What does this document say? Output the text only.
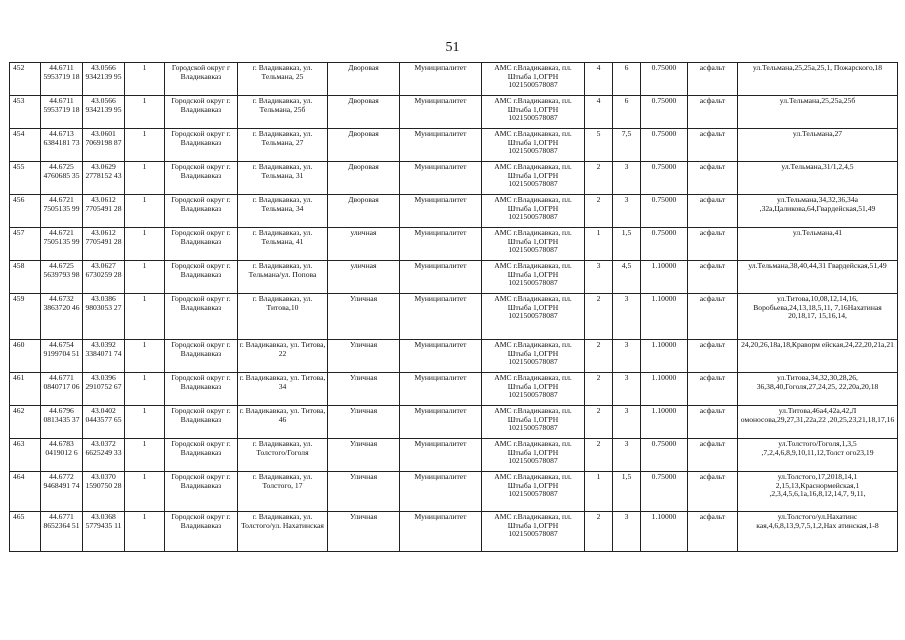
51
452	44.6711 5953719 18	43.0566 9342139 95	1	Городской округ г Владикавказ	г. Владикавказ, ул. Тельмана, 25	Дворовая	Муниципалитет	АМС г.Владикавказ, пл. Штыба 1,ОГРН 1021500578087	4	6	0.75000	асфальт	ул.Тельмана,25,25а,25,1, Пожарского,18
453	44.6711 5953719 18	43.0566 9342139 95	1	Городской округ г. Владикавказ	г. Владикавказ, ул. Тельмана, 25б	Дворовая	Муниципалитет	АМС г.Владикавказ, пл. Штыба 1,ОГРН 1021500578087	4	6	0.75000	асфальт	ул.Тельмана,25,25а,25б
454	44.6713 6384181 73	43.0601 7069198 87	1	Городской округ г. Владикавказ	г. Владикавказ, ул. Тельмана, 27	Дворовая	Муниципалитет	АМС г.Владикавказ, пл. Штыба 1,ОГРН 1021500578087	5	7,5	0.75000	асфальт	ул.Тельмана,27
455	44.6725 4760685 35	43.0629 2778152 43	1	Городской округ г. Владикавказ	г. Владикавказ, ул. Тельмана, 31	Дворовая	Муниципалитет	АМС г.Владикавказ, пл. Штыба 1,ОГРН 1021500578087	2	3	0.75000	асфальт	ул.Тельмана,31/1,2,4,5
456	44.6721 7505135 99	43.0612 7705491 28	1	Городской округ г. Владикавказ	г. Владикавказ, ул. Тельмана, 34	Дворовая	Муниципалитет	АМС г.Владикавказ, пл. Штыба 1,ОГРН 1021500578087	2	3	0.75000	асфальт	ул.Тельмана,34,32,36,34а ,32а,Цаликова,64,Гвардейская,51,49
457	44.6721 7505135 99	43.0612 7705491 28	1	Городской округ г. Владикавказ	г. Владикавказ, ул. Тельмана, 41	уличная	Муниципалитет	АМС г.Владикавказ, пл. Штыба 1,ОГРН 1021500578087	1	1,5	0.75000	асфальт	ул.Тельмана,41
458	44.6725 5639793 98	43.0627 6730259 28	1	Городской округ г. Владикавказ	г. Владикавказ, ул. Тельмана/ул. Попова	уличная	Муниципалитет	АМС г.Владикавказ, пл. Штыба 1,ОГРН 1021500578087	3	4,5	1.10000	асфальт	ул.Тельмана,38,40,44,31 Гвардейская,51,49
459	44.6732 3863720 46	43.0386 9803053 27	1	Городской округ г. Владикавказ	г. Владикавказ, ул. Титова,10	Уличная	Муниципалитет	АМС г.Владикавказ, пл. Штыба 1,ОГРН 1021500578087	2	3	1.10000	асфальт	ул.Титова,10,08,12,14,16, Воробьева,24,13,18,5,11, 7,16Нахатиная 20,18,17, 15,16,14,
460	44.6754 9199704 51	43.0392 3384071 74	1	Городской округ г. Владикавказ	г. Владикавказ, ул. Титова, 22	Уличная	Муниципалитет	АМС г.Владикавказ, пл. Штыба 1,ОГРН 1021500578087	2	3	1.10000	асфальт	24,20,26,18а,18,Краворм ейская,24,22,20,21а,21
461	44.6771 0840717 06	43.0396 2910752 67	1	Городской округ г. Владикавказ	г. Владикавказ, ул. Титова, 34	Уличная	Муниципалитет	АМС г.Владикавказ, пл. Штыба 1,ОГРН 1021500578087	2	3	1.10000	асфальт	ул.Титова,34,32,30,28,26, 36,38,40,Гоголя,27,24,25, 22,20а,20,18
462	44.6796 0813435 37	43.0402 0443577 65	1	Городской округ г. Владикавказ	г. Владикавказ, ул. Титова, 46	Уличная	Муниципалитет	АМС г.Владикавказ, пл. Штыба 1,ОГРН 1021500578087	2	3	1.10000	асфальт	ул.Титова,46а4,42а,42,Л омоносова,29,27,31,22а,22 ,20,25,23,21,18,17,16
463	44.6783 0419012 6	43.0372 6625249 33	1	Городской округ г. Владикавказ	г. Владикавказ, ул. Толстого/Гоголя	Уличная	Муниципалитет	АМС г.Владикавказ, пл. Штыба 1,ОГРН 1021500578087	2	3	0.75000	асфальт	ул.Толстого/Гоголя,1,3,5 ,7,2,4,6,8,9,10,11,12,Толст ого23,19
464	44.6772 9468491 74	43.0370 1590750 28	1	Городской округ г. Владикавказ	г. Владикавказ, ул. Толстого, 17	Уличная	Муниципалитет	АМС г.Владикавказ, пл. Штыба 1,ОГРН 1021500578087	1	1,5	0.75000	асфальт	ул.Толстого,17,2018,14,1 2,15,13,Краснормейская,1 ,2,3,4,5,6,1а,16,8,12,14,7, 9,11,
465	44.6771 8652364 51	43.0368 5779435 11	1	Городской округ г. Владикавказ	г. Владикавказ, ул. Толстого/ул. Нахатинская	Уличная	Муниципалитет	АМС г.Владикавказ, пл. Штыба 1,ОГРН 1021500578087	2	3	1.10000	асфальт	ул.Толстого/ул.Нахатинс кая,4,6,8,13,9,7,5,1,2,Нах атинская,1-8
